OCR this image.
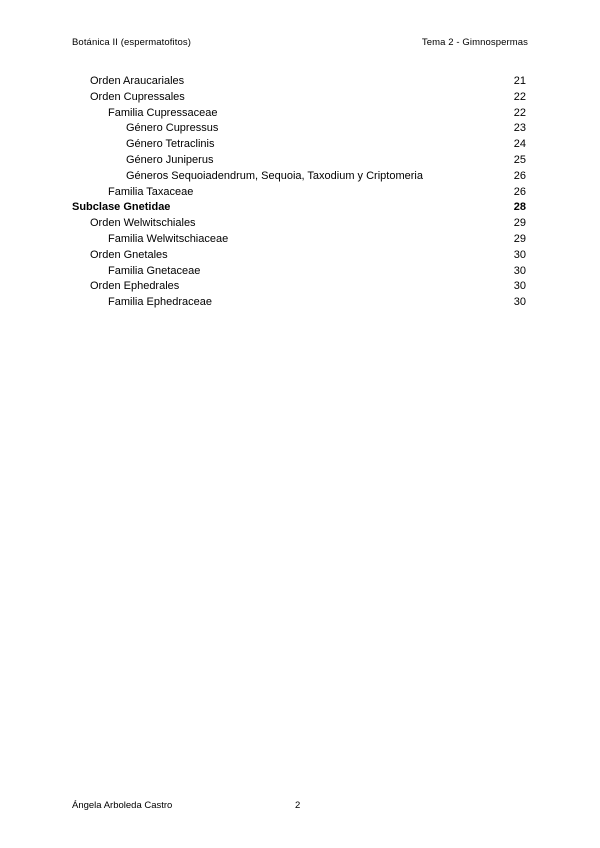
Botánica II (espermatofitos)	Tema 2 - Gimnospermas
Orden Araucariales	21
Orden Cupressales	22
Familia Cupressaceae	22
Género Cupressus	23
Género Tetraclinis	24
Género Juniperus	25
Géneros Sequoiadendrum, Sequoia, Taxodium y Criptomeria	26
Familia Taxaceae	26
Subclase Gnetidae	28
Orden Welwitschiales	29
Familia Welwitschiaceae	29
Orden Gnetales	30
Familia Gnetaceae	30
Orden Ephedrales	30
Familia Ephedraceae	30
Ángela Arboleda Castro	2
